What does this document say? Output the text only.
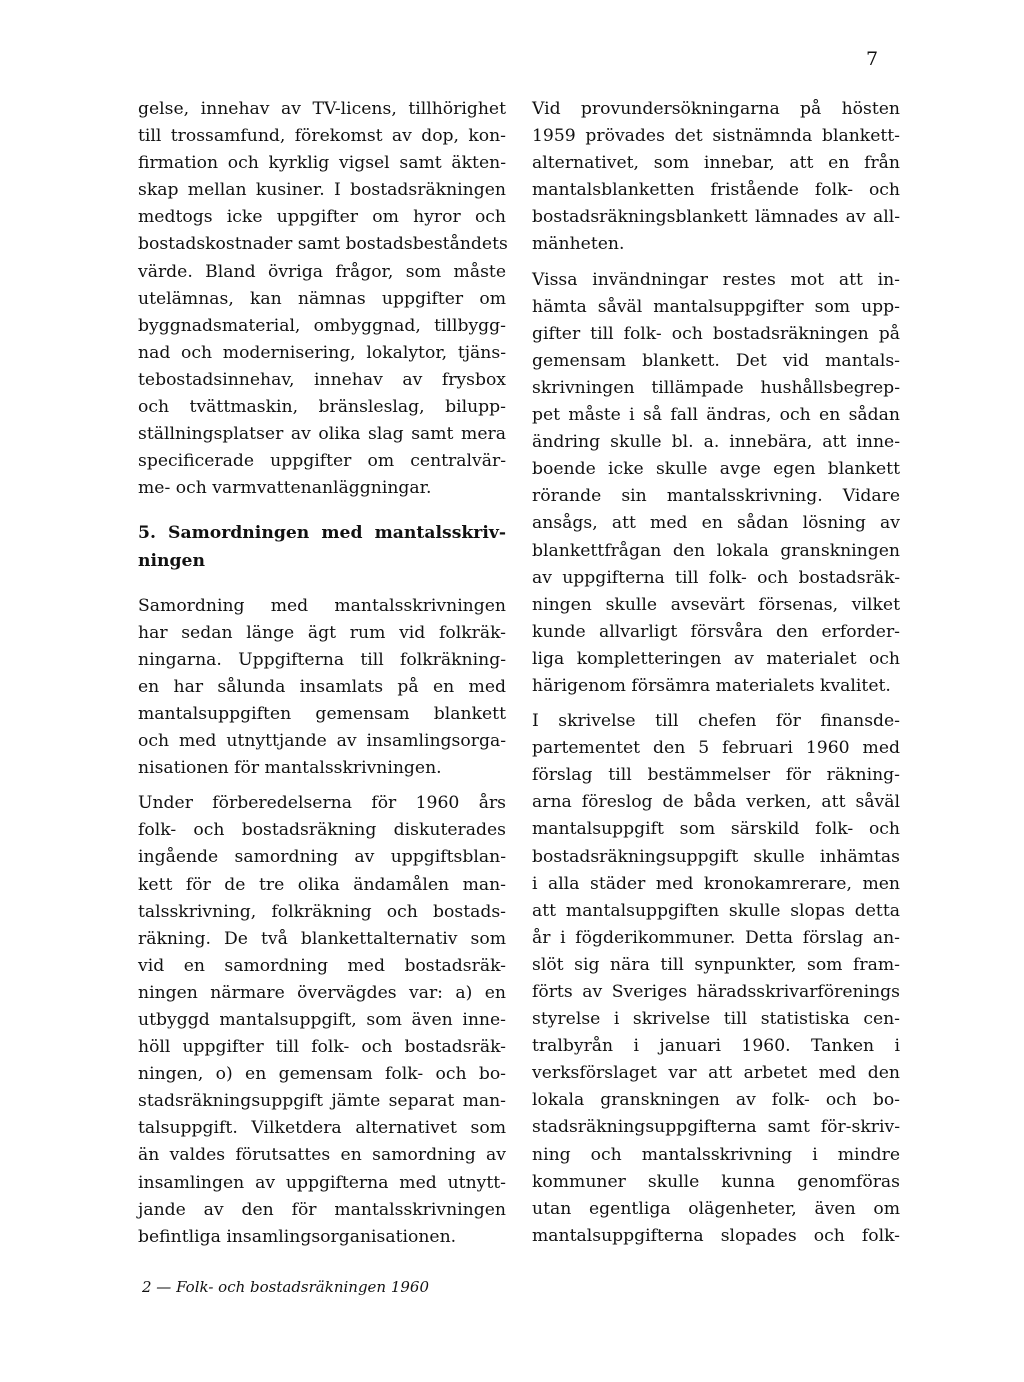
7
gelse, innehav av TV-licens, tillhörighet
till trossamfund, förekomst av dop, kon-
firmation och kyrklig vigsel samt äkten-
skap mellan kusiner. I bostadsräkningen
medtogs icke uppgifter om hyror och
bostadskostnader samt bostadsbeståndets
värde. Bland övriga frågor, som måste
utelämnas, kan nämnas uppgifter om
byggnadsmaterial, ombyggnad, tillbygg-
nad och modernisering, lokalytor, tjäns-
tebostadsinnehav, innehav av frysbox
och tvättmaskin, bränsleslag, bilupp-
ställningsplatser av olika slag samt mera
specificerade uppgifter om centralvär-
me- och varmvattenanläggningar.
5. Samordningen med mantalsskriv-
ningen
Samordning med mantalsskrivningen
har sedan länge ägt rum vid folkräk-
ningarna. Uppgifterna till folkräkning-
en har sålunda insamlats på en med
mantalsuppgiften gemensam blankett
och med utnyttjande av insamlingsorga-
nisationen för mantalsskrivningen.
Under förberedelserna för 1960 års
folk- och bostadsräkning diskuterades
ingående samordning av uppgiftsblan-
kett för de tre olika ändamålen man-
talsskrivning, folkräkning och bostads-
räkning. De två blankettalternativ som
vid en samordning med bostadsräk-
ningen närmare övervägdes var: a) en
utbyggd mantalsuppgift, som även inne-
höll uppgifter till folk- och bostadsräk-
ningen, o) en gemensam folk- och bo-
stadsräkningsuppgift jämte separat man-
talsuppgift. Vilketdera alternativet som
än valdes förutsattes en samordning av
insamlingen av uppgifterna med utnytt-
jande av den för mantalsskrivningen
befintliga insamlingsorganisationen.
Vid provundersökningarna på hösten
1959 prövades det sistnämnda blankett-
alternativet, som innebar, att en från
mantalsblanketten fristående folk- och
bostadsräkningsblankett lämnades av all-
mänheten.
Vissa invändningar restes mot att in-
hämta såväl mantalsuppgifter som upp-
gifter till folk- och bostadsräkningen på
gemensam blankett. Det vid mantals-
skrivningen tillämpade hushållsbegrep-
pet måste i så fall ändras, och en sådan
ändring skulle bl. a. innebära, att inne-
boende icke skulle avge egen blankett
rörande sin mantalsskrivning. Vidare
ansågs, att med en sådan lösning av
blankettfrågan den lokala granskningen
av uppgifterna till folk- och bostadsräk-
ningen skulle avsevärt försenas, vilket
kunde allvarligt försvåra den erforder-
liga kompletteringen av materialet och
härigenom försämra materialets kvalitet.
I skrivelse till chefen för finansde-
partementet den 5 februari 1960 med
förslag till bestämmelser för räkning-
arna föreslog de båda verken, att såväl
mantalsuppgift som särskild folk- och
bostadsräkningsuppgift skulle inhämtas
i alla städer med kronokamrerare, men
att mantalsuppgiften skulle slopas detta
år i fögderikommuner. Detta förslag an-
slöt sig nära till synpunkter, som fram-
förts av Sveriges häradsskrivarförenings
styrelse i skrivelse till statistiska cen-
tralbyrån i januari 1960. Tanken i
verksförslaget var att arbetet med den
lokala granskningen av folk- och bo-
stadsräkningsuppgifterna samt för-skriv-
ning och mantalsskrivning i mindre
kommuner skulle kunna genomföras
utan egentliga olägenheter, även om
mantalsuppgifterna slopades och folk-
2 — Folk- och bostadsräkningen 1960
